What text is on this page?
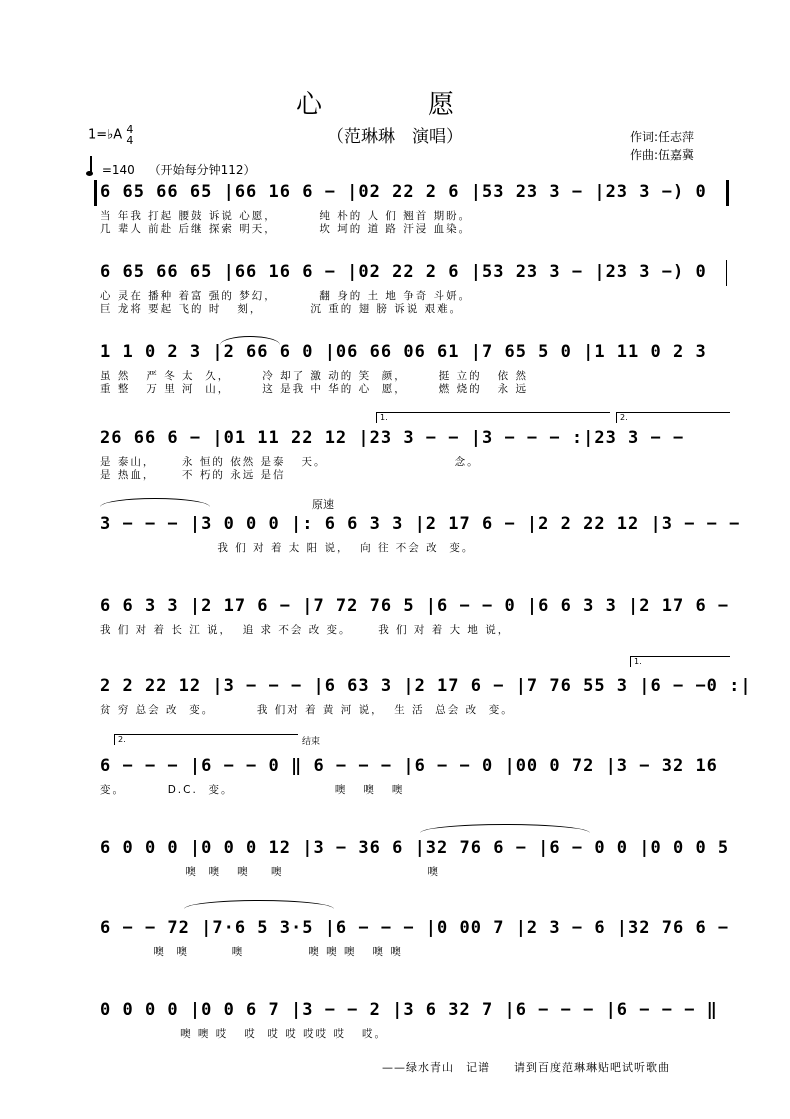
心　愿
（范琳琳　演唱）	作词:任志萍
作曲:伍嘉冀
1=♭A 4
4
=140 （开始每分钟112）
6 65 66 65 |66 16 6 − |02 22 2 6 |53 23 3 − |23 3 −) 0
当 年我 打起 腰鼓 诉说 心愿，        纯 朴的 人 们 翘首 期盼。
几 辈人 前赴 后继 探索 明天，        坎 坷的 道 路 汗浸 血染。
6 65 66 65 |66 16 6 − |02 22 2 6 |53 23 3 − |23 3 −) 0
心 灵在 播种 着富 强的 梦幻，        翻 身的 土 地 争奇 斗妍。
巨 龙将 要起 飞的 时   刻，         沉 重的 翅 膀 诉说 艰难。
1 1 0 2 3 |2 66 6 0 |06 66 06 61 |7 65 5 0 |1 11 0 2 3
虽 然   严 冬 太  久，      冷 却了 激 动的 笑  颜，      挺 立的   依 然
重 整   万 里 河  山，      这 是我 中 华的 心  愿，      燃 烧的   永 远
1.	2.
26 66 6 − |01 11 22 12 |23 3 − − |3 − − − :|23 3 − −
是 泰山，     永 恒的 依然 是泰   天。                        念。
是 热血，     不 朽的 永远 是信
原速
3 − − − |3 0 0 0 |: 6 6 3 3 |2 17 6 − |2 2 22 12 |3 − − −
我 们 对 着 太 阳 说，  向 往 不会 改  变。
6 6 3 3 |2 17 6 − |7 72 76 5 |6 − − 0 |6 6 3 3 |2 17 6 −
我 们 对 着 长 江 说，  追 求 不会 改 变。     我 们 对 着 大 地 说，
1.
2 2 22 12 |3 − − − |6 63 3 |2 17 6 − |7 76 55 3 |6 − −0 :|
贫 穷 总会 改  变。        我 们对 着 黄 河 说，  生 活  总会 改  变。
2.	结束
6 − − − |6 − − 0 ‖ 6 − − − |6 − − 0 |00 0 72 |3 − 32 16
变。        D.C.  变。                   噢   噢   噢
6 0 0 0 |0 0 0 12 |3 − 36 6 |32 76 6 − |6 − 0 0 |0 0 0 5
噢  噢   噢    噢                           噢
6 − − 72 |7·6 5 3·5 |6 − − − |0 00 7 |2 3 − 6 |32 76 6 −
噢  噢        噢            噢 噢 噢   噢 噢
0 0 0 0 |0 0 6 7 |3 − − 2 |3 6 32 7 |6 − − − |6 − − − ‖
噢 噢 哎   哎  哎 哎 哎哎 哎   哎。
——绿水青山　记谱　　请到百度范琳琳贴吧试听歌曲
